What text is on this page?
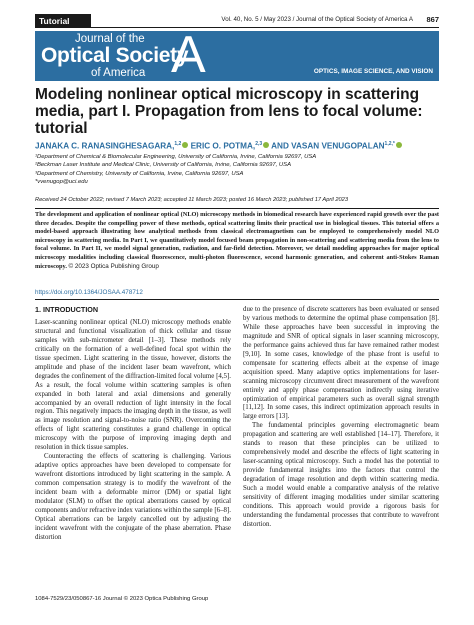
Tutorial	Vol. 40, No. 5 / May 2023 / Journal of the Optical Society of America A 867
Journal of the
Optical Society
of America A	OPTICS, IMAGE SCIENCE, AND VISION
Modeling nonlinear optical microscopy in scattering media, part I. Propagation from lens to focal volume: tutorial
JANAKA C. RANASINGHESAGARA,$^{1,2}$ ERIC O. POTMA,$^{2,3}$ AND VASAN $VENUGOPALAN^{1,2,*}$
¹Department of Chemical & Biomolecular Engineering, University of California, Irvine, California 92697, USA
²Beckman Laser Institute and Medical Clinic, University of California, Irvine, California 92697, USA
³Department of Chemistry, University of California, Irvine, California 92697, USA
*vvenugop@uci.edu
Received 24 October 2022; revised 7 March 2023; accepted 11 March 2023; posted 16 March 2023; published 17 April 2023
The development and application of nonlinear optical (NLO) microscopy methods in biomedical research have experienced rapid growth over the past three decades. Despite the compelling power of these methods, optical scattering limits their practical use in biological tissues. This tutorial offers a model-based approach illustrating how analytical methods from classical electromagnetism can be employed to comprehensively model NLO microscopy in scattering media. In Part I, we quantitatively model focused beam propagation in non-scattering and scattering media from the lens to focal volume. In Part II, we model signal generation, radiation, and far-field detection. Moreover, we detail modeling approaches for major optical microscopy modalities including classical fluorescence, multi-photon fluorescence, second harmonic generation, and coherent anti-Stokes Raman microscopy. © 2023 Optica Publishing Group
https://doi.org/10.1364/JOSAA.478712
1. INTRODUCTION

Laser-scanning nonlinear optical (NLO) microscopy methods enable structural and functional visualization of thick cellular and tissue samples with sub-micrometer detail [1–3]. These methods rely critically on the formation of a well-defined focal spot within the tissue specimen. Light scattering in the tissue, however, distorts the amplitude and phase of the incident laser beam wavefront, which degrades the confinement of the diffraction-limited focal volume [4,5]. As a result, the focal volume within scattering samples is often expanded in both lateral and axial dimensions and generally accompanied by an overall reduction of light intensity in the focal region. This negatively impacts the imaging depth in the tissue, as well as image resolution and signal-to-noise ratio (SNR). Overcoming the effects of light scattering constitutes a grand challenge in optical microscopy with the purpose of improving imaging depth and resolution in thick tissue samples.

Counteracting the effects of scattering is challenging. Various adaptive optics approaches have been developed to compensate for wavefront distortions introduced by light scattering in the sample. A common compensation strategy is to modify the wavefront of the incident beam with a deformable mirror (DM) or spatial light modulator (SLM) to offset the optical aberrations caused by optical components and/or refractive index variations within the sample [6–8]. Optical aberrations can be largely cancelled out by adjusting the incident wavefront with the conjugate of the phase aberration. Phase distortion

due to the presence of discrete scatterers has been evaluated or sensed by various methods to determine the optimal phase compensation [8]. While these approaches have been successful in improving the magnitude and SNR of optical signals in laser scanning microscopy, the performance gains achieved thus far have remained rather modest [9,10]. In some cases, knowledge of the phase front is useful to compensate for scattering effects albeit at the expense of image acquisition speed. Many adaptive optics implementations for laser-scanning microscopy circumvent direct measurement of the wavefront entirely and apply phase compensation indirectly using iterative optimization of empirical parameters such as overall signal strength [11,12]. In some cases, this indirect optimization approach results in large errors [13].

The fundamental principles governing electromagnetic beam propagation and scattering are well established [14–17]. Therefore, it stands to reason that these principles can be utilized to comprehensively model and describe the effects of light scattering in laser-scanning optical microscopy. Such a model has the potential to provide fundamental insights into the factors that control the degradation of image resolution and depth within scattering media. Such a model would enable a comparative analysis of the relative sensitivity of different imaging modalities under similar scattering conditions. This approach would provide a rigorous basis for understanding the fundamental processes that contribute to wavefront distortion.

1084-7529/23/050867-16 Journal © 2023 Optica Publishing Group
